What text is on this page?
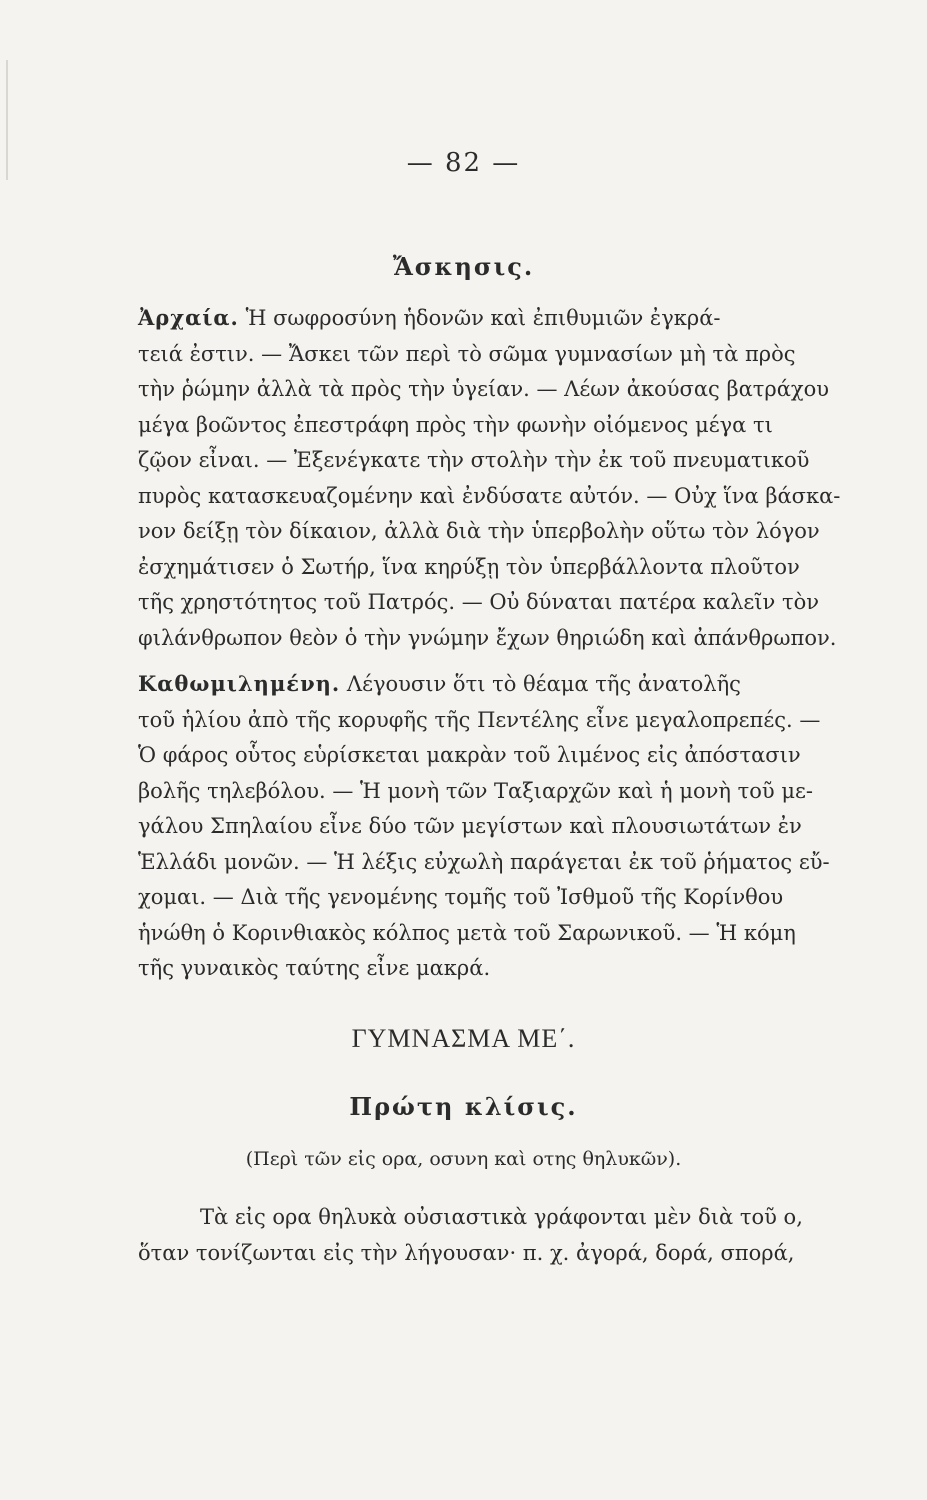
— 82 —
Ἄσκησις.

Ἀρχαία. Ἡ σωφροσύνη ἡδονῶν καὶ ἐπιθυμιῶν ἐγκρά-

τειά ἐστιν. — Ἄσκει τῶν περὶ τὸ σῶμα γυμνασίων μὴ τὰ πρὸς

τὴν ῥώμην ἀλλὰ τὰ πρὸς τὴν ὑγείαν. — Λέων ἀκούσας βατράχου

μέγα βοῶντος ἐπεστράφη πρὸς τὴν φωνὴν οἰόμενος μέγα τι

ζῷον εἶναι. — Ἐξενέγκατε τὴν στολὴν τὴν ἐκ τοῦ πνευματικοῦ

πυρὸς κατασκευαζομένην καὶ ἐνδύσατε αὐτόν. — Οὐχ ἵνα βάσκα-

νον δείξῃ τὸν δίκαιον, ἀλλὰ διὰ τὴν ὑπερβολὴν οὕτω τὸν λόγον

ἐσχημάτισεν ὁ Σωτήρ, ἵνα κηρύξῃ τὸν ὑπερβάλλοντα πλοῦτον

τῆς χρηστότητος τοῦ Πατρός. — Οὐ δύναται πατέρα καλεῖν τὸν

φιλάνθρωπον θεὸν ὁ τὴν γνώμην ἔχων θηριώδη καὶ ἀπάνθρωπον.

Καθωμιλημένη. Λέγουσιν ὅτι τὸ θέαμα τῆς ἀνατολῆς

τοῦ ἡλίου ἀπὸ τῆς κορυφῆς τῆς Πεντέλης εἶνε μεγαλοπρεπές. —

Ὁ φάρος οὗτος εὑρίσκεται μακρὰν τοῦ λιμένος εἰς ἀπόστασιν

βολῆς τηλεβόλου. — Ἡ μονὴ τῶν Ταξιαρχῶν καὶ ἡ μονὴ τοῦ με-

γάλου Σπηλαίου εἶνε δύο τῶν μεγίστων καὶ πλουσιωτάτων ἐν

Ἑλλάδι μονῶν. — Ἡ λέξις εὐχωλὴ παράγεται ἐκ τοῦ ῥήματος εὔ-

χομαι. — Διὰ τῆς γενομένης τομῆς τοῦ Ἰσθμοῦ τῆς Κορίνθου

ἡνώθη ὁ Κορινθιακὸς κόλπος μετὰ τοῦ Σαρωνικοῦ. — Ἡ κόμη

τῆς γυναικὸς ταύτης εἶνε μακρά.

ΓΥΜΝΑΣΜΑ ΜΕ΄.
Πρώτη κλίσις.
(Περὶ τῶν εἰς ορα, οσυνη καὶ οτης θηλυκῶν).

Τὰ εἰς ορα θηλυκὰ οὐσιαστικὰ γράφονται μὲν διὰ τοῦ ο,

ὅταν τονίζωνται εἰς τὴν λήγουσαν· π. χ. ἀγορά, δορά, σπορά,
